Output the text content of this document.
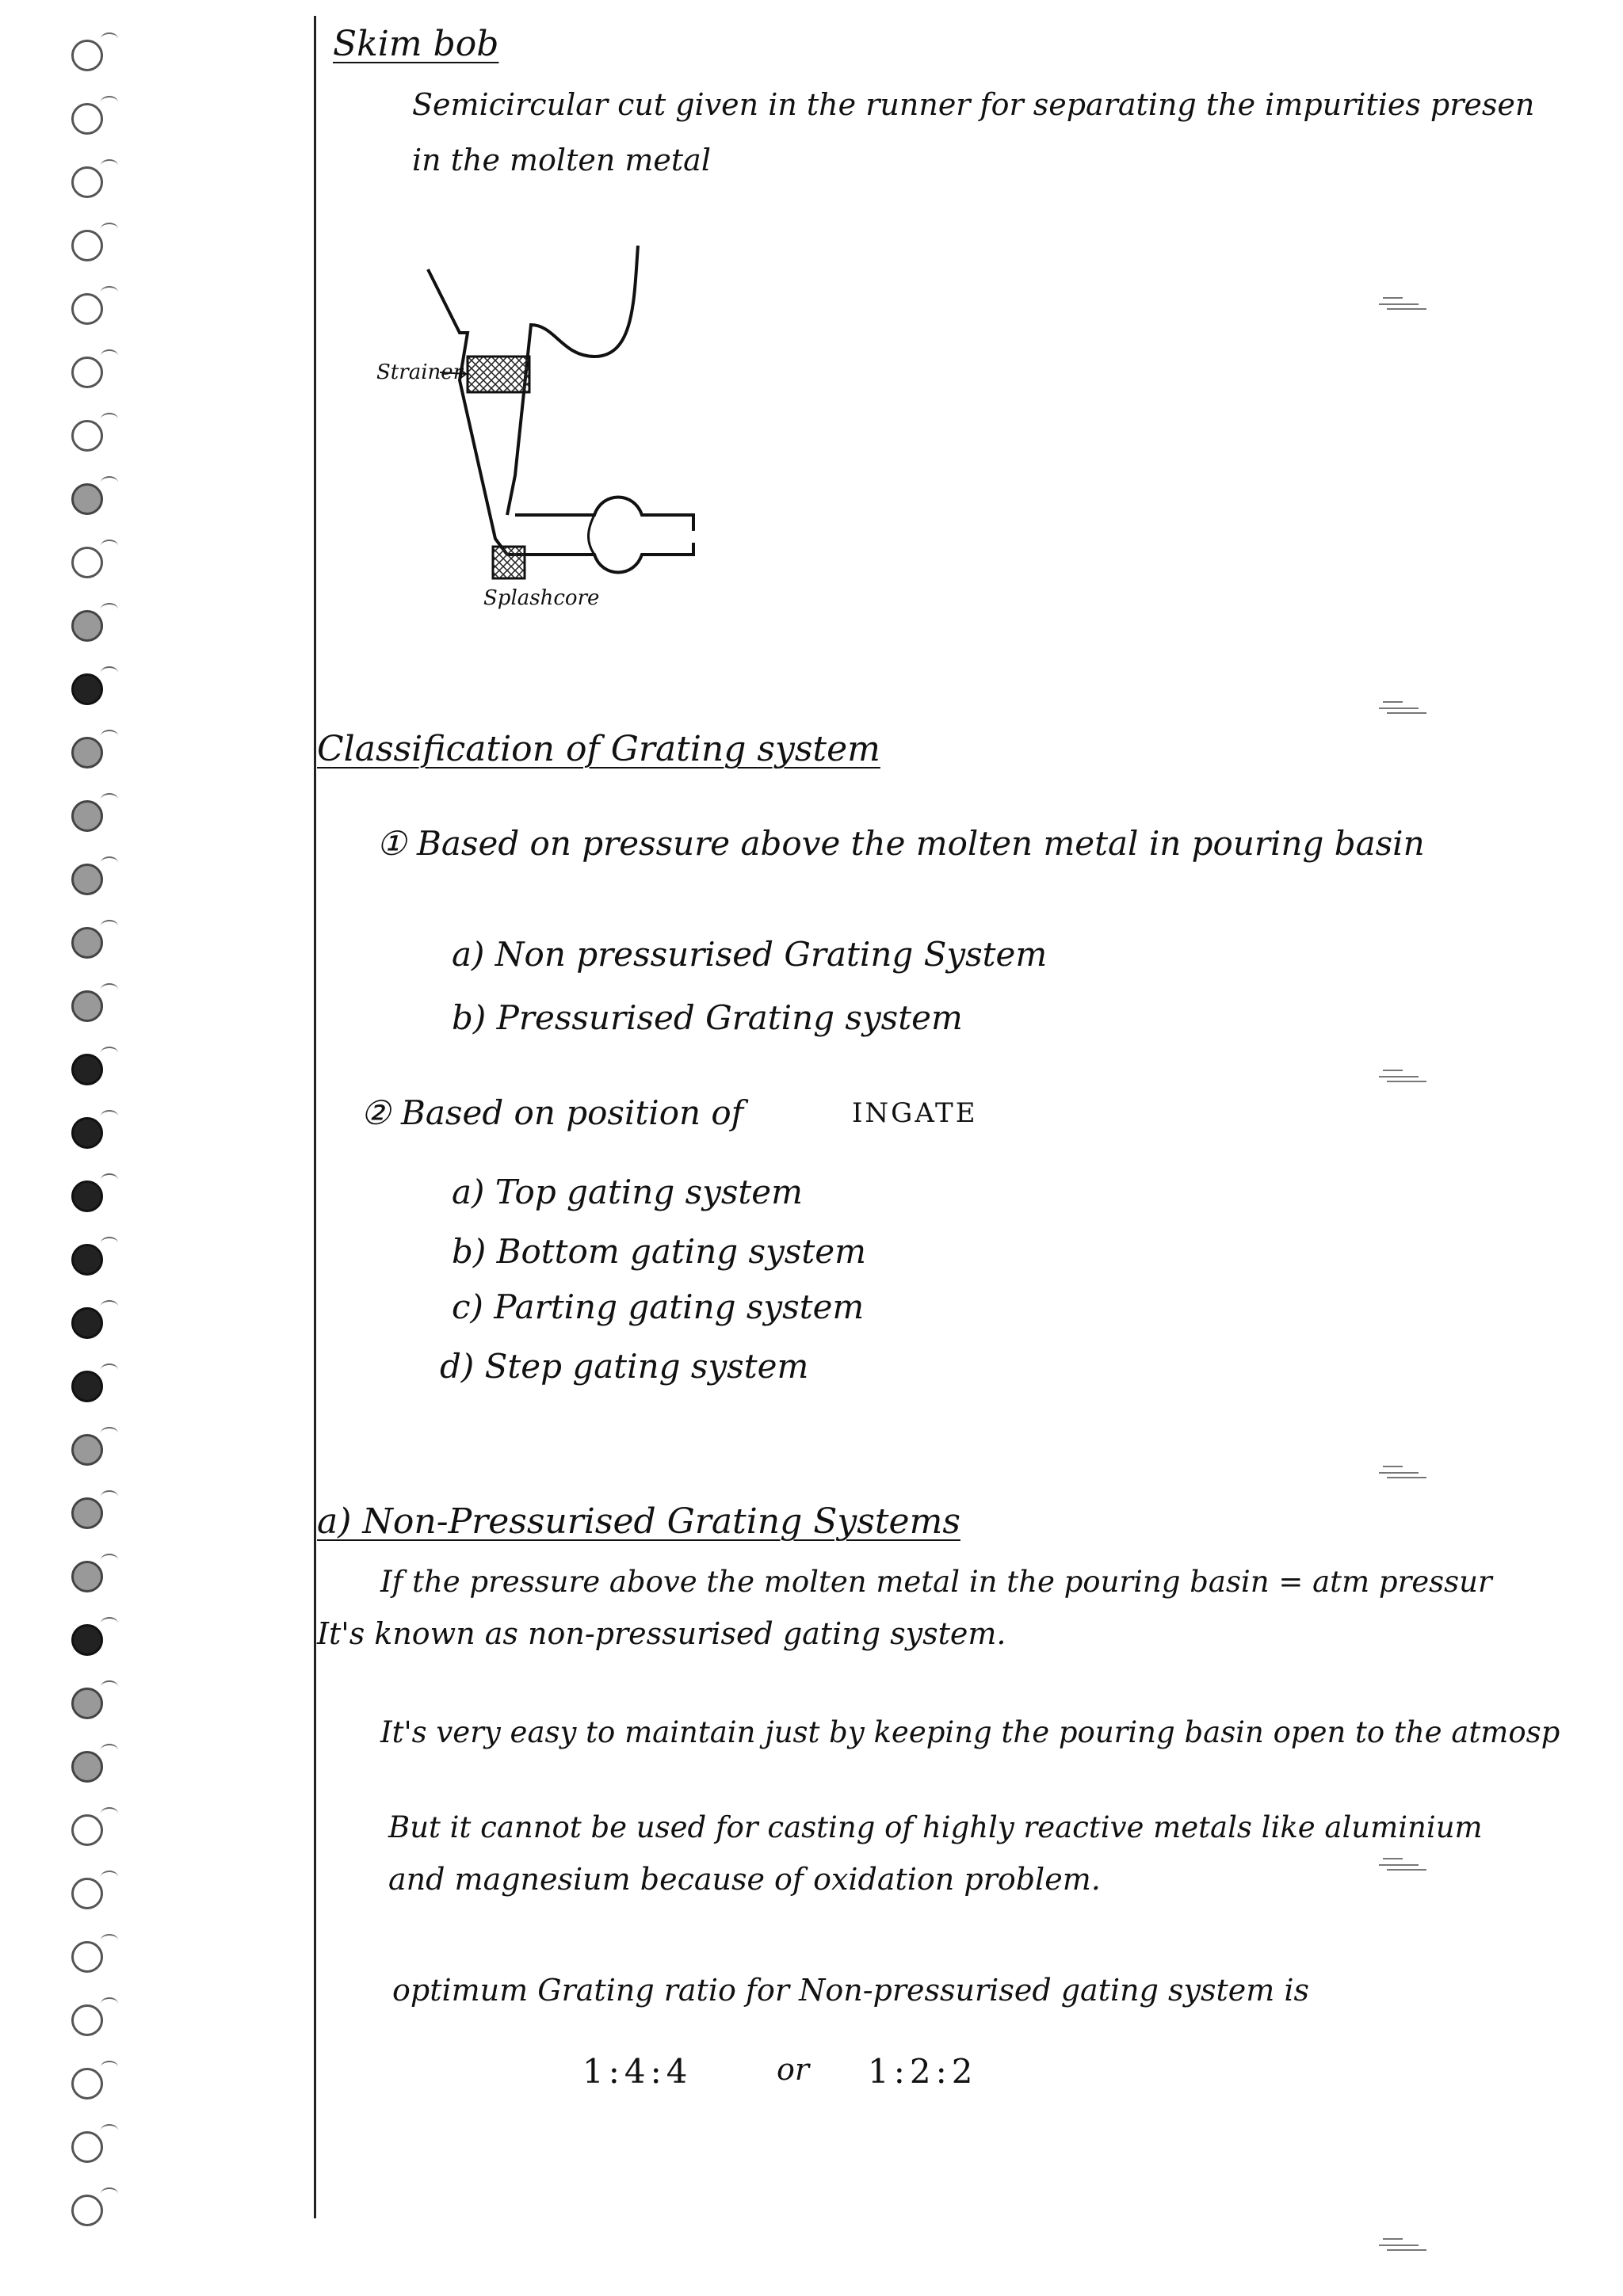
Skim bob
Semicircular cut given in the runner for separating the impurities presen
in the molten metal
Strainer
Splashcore
Classification of Grating system
① Based on pressure above the molten metal in pouring basin
a) Non pressurised Grating System
b) Pressurised Grating system
② Based on position of	INGATE
a) Top gating system
b) Bottom gating system
c) Parting gating system
d) Step gating system
a) Non-Pressurised Grating Systems
If the pressure above the molten metal in the pouring basin = atm pressur
It's known as non-pressurised gating system.
It's very easy to maintain just by keeping the pouring basin open to the atmosp
But it cannot be used for casting of highly reactive metals like aluminium
and magnesium because of oxidation problem.
optimum Grating ratio for Non-pressurised gating system is
1:4:4	or 1:2:2
